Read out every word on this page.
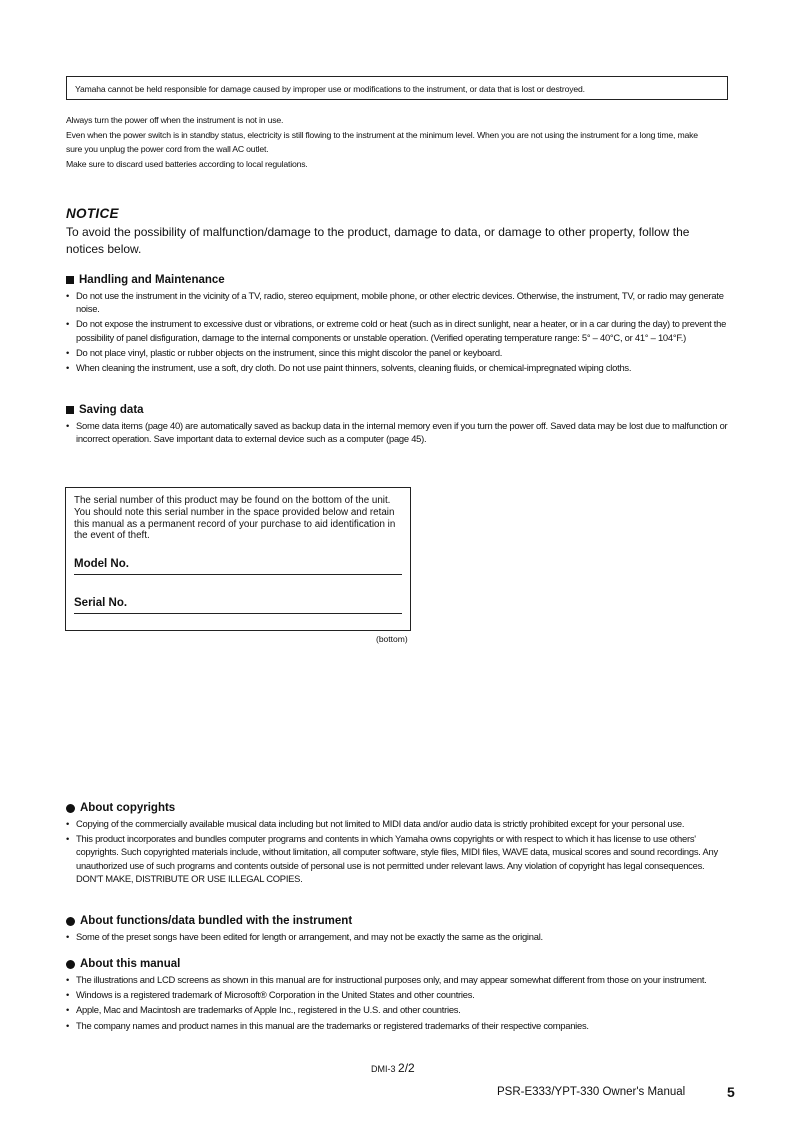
Yamaha cannot be held responsible for damage caused by improper use or modifications to the instrument, or data that is lost or destroyed.
Always turn the power off when the instrument is not in use.
Even when the power switch is in standby status, electricity is still flowing to the instrument at the minimum level. When you are not using the instrument for a long time, make
sure you unplug the power cord from the wall AC outlet.
Make sure to discard used batteries according to local regulations.
NOTICE
To avoid the possibility of malfunction/damage to the product, damage to data, or damage to other property, follow the notices below.
Handling and Maintenance
• Do not use the instrument in the vicinity of a TV, radio, stereo equipment, mobile phone, or other electric devices. Otherwise, the instrument, TV, or radio may generate noise.
• Do not expose the instrument to excessive dust or vibrations, or extreme cold or heat (such as in direct sunlight, near a heater, or in a car during the day) to prevent the possibility of panel disfiguration, damage to the internal components or unstable operation. (Verified operating temperature range: 5° – 40°C, or 41° – 104°F.)
• Do not place vinyl, plastic or rubber objects on the instrument, since this might discolor the panel or keyboard.
• When cleaning the instrument, use a soft, dry cloth. Do not use paint thinners, solvents, cleaning fluids, or chemical-impregnated wiping cloths.
Saving data
• Some data items (page 40) are automatically saved as backup data in the internal memory even if you turn the power off. Saved data may be lost due to malfunction or incorrect operation. Save important data to external device such as a computer (page 45).
The serial number of this product may be found on the bottom of the unit. You should note this serial number in the space provided below and retain this manual as a permanent record of your purchase to aid identification in the event of theft.
Model No.
Serial No.
(bottom)
About copyrights
• Copying of the commercially available musical data including but not limited to MIDI data and/or audio data is strictly prohibited except for your personal use.
• This product incorporates and bundles computer programs and contents in which Yamaha owns copyrights or with respect to which it has license to use others' copyrights. Such copyrighted materials include, without limitation, all computer software, style files, MIDI files, WAVE data, musical scores and sound recordings. Any unauthorized use of such programs and contents outside of personal use is not permitted under relevant laws. Any violation of copyright has legal consequences. DON'T MAKE, DISTRIBUTE OR USE ILLEGAL COPIES.
About functions/data bundled with the instrument
• Some of the preset songs have been edited for length or arrangement, and may not be exactly the same as the original.
About this manual
• The illustrations and LCD screens as shown in this manual are for instructional purposes only, and may appear somewhat different from those on your instrument.
• Windows is a registered trademark of Microsoft® Corporation in the United States and other countries.
• Apple, Mac and Macintosh are trademarks of Apple Inc., registered in the U.S. and other countries.
• The company names and product names in this manual are the trademarks or registered trademarks of their respective companies.
DMI-3 2/2
PSR-E333/YPT-330 Owner's Manual	5
